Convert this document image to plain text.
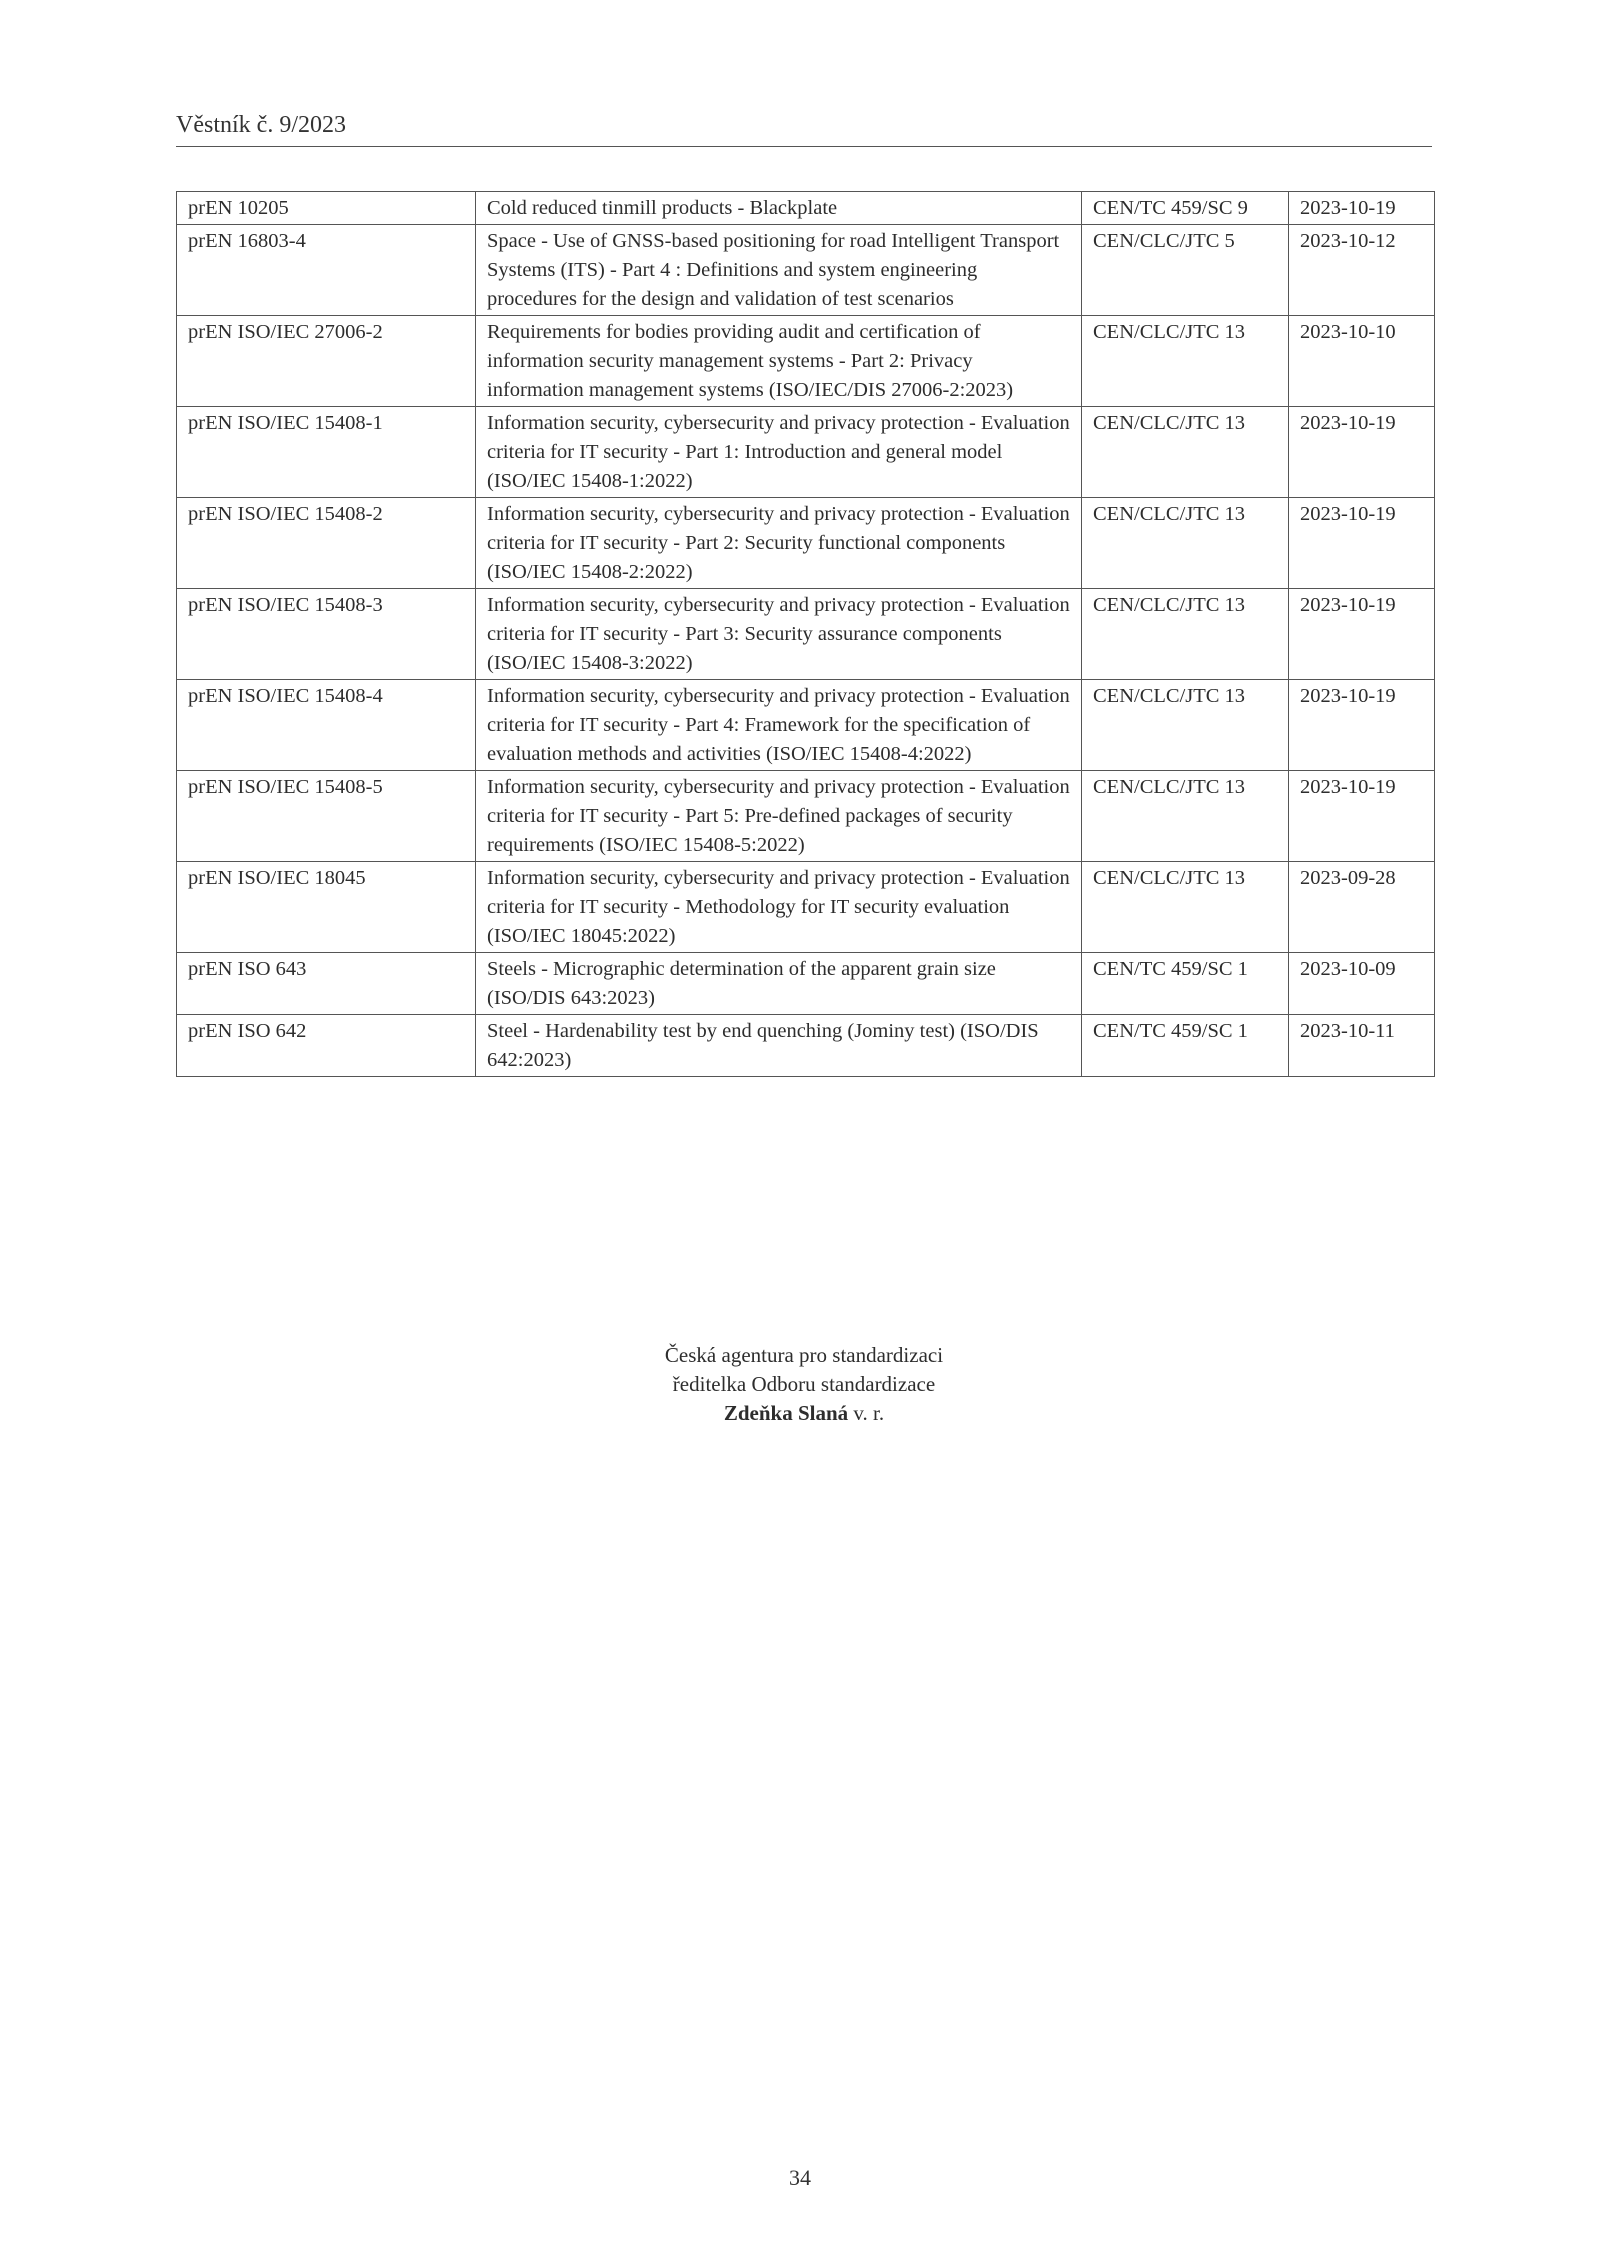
Věstník č. 9/2023
prEN 10205	Cold reduced tinmill products - Blackplate	CEN/TC 459/SC 9	2023-10-19
prEN 16803-4	Space - Use of GNSS-based positioning for road Intelligent Transport Systems (ITS) - Part 4 : Definitions and system engineering procedures for the design and validation of test scenarios	CEN/CLC/JTC 5	2023-10-12
prEN ISO/IEC 27006-2	Requirements for bodies providing audit and certification of information security management systems - Part 2: Privacy information management systems (ISO/IEC/DIS 27006-2:2023)	CEN/CLC/JTC 13	2023-10-10
prEN ISO/IEC 15408-1	Information security, cybersecurity and privacy protection - Evaluation criteria for IT security - Part 1: Introduction and general model (ISO/IEC 15408-1:2022)	CEN/CLC/JTC 13	2023-10-19
prEN ISO/IEC 15408-2	Information security, cybersecurity and privacy protection - Evaluation criteria for IT security - Part 2: Security functional components (ISO/IEC 15408-2:2022)	CEN/CLC/JTC 13	2023-10-19
prEN ISO/IEC 15408-3	Information security, cybersecurity and privacy protection - Evaluation criteria for IT security - Part 3: Security assurance components (ISO/IEC 15408-3:2022)	CEN/CLC/JTC 13	2023-10-19
prEN ISO/IEC 15408-4	Information security, cybersecurity and privacy protection - Evaluation criteria for IT security - Part 4: Framework for the specification of evaluation methods and activities (ISO/IEC 15408-4:2022)	CEN/CLC/JTC 13	2023-10-19
prEN ISO/IEC 15408-5	Information security, cybersecurity and privacy protection - Evaluation criteria for IT security - Part 5: Pre-defined packages of security requirements (ISO/IEC 15408-5:2022)	CEN/CLC/JTC 13	2023-10-19
prEN ISO/IEC 18045	Information security, cybersecurity and privacy protection - Evaluation criteria for IT security - Methodology for IT security evaluation (ISO/IEC 18045:2022)	CEN/CLC/JTC 13	2023-09-28
prEN ISO 643	Steels - Micrographic determination of the apparent grain size (ISO/DIS 643:2023)	CEN/TC 459/SC 1	2023-10-09
prEN ISO 642	Steel - Hardenability test by end quenching (Jominy test) (ISO/DIS 642:2023)	CEN/TC 459/SC 1	2023-10-11
Česká agentura pro standardizaci
ředitelka Odboru standardizace
Zdeňka Slaná v. r.
34
